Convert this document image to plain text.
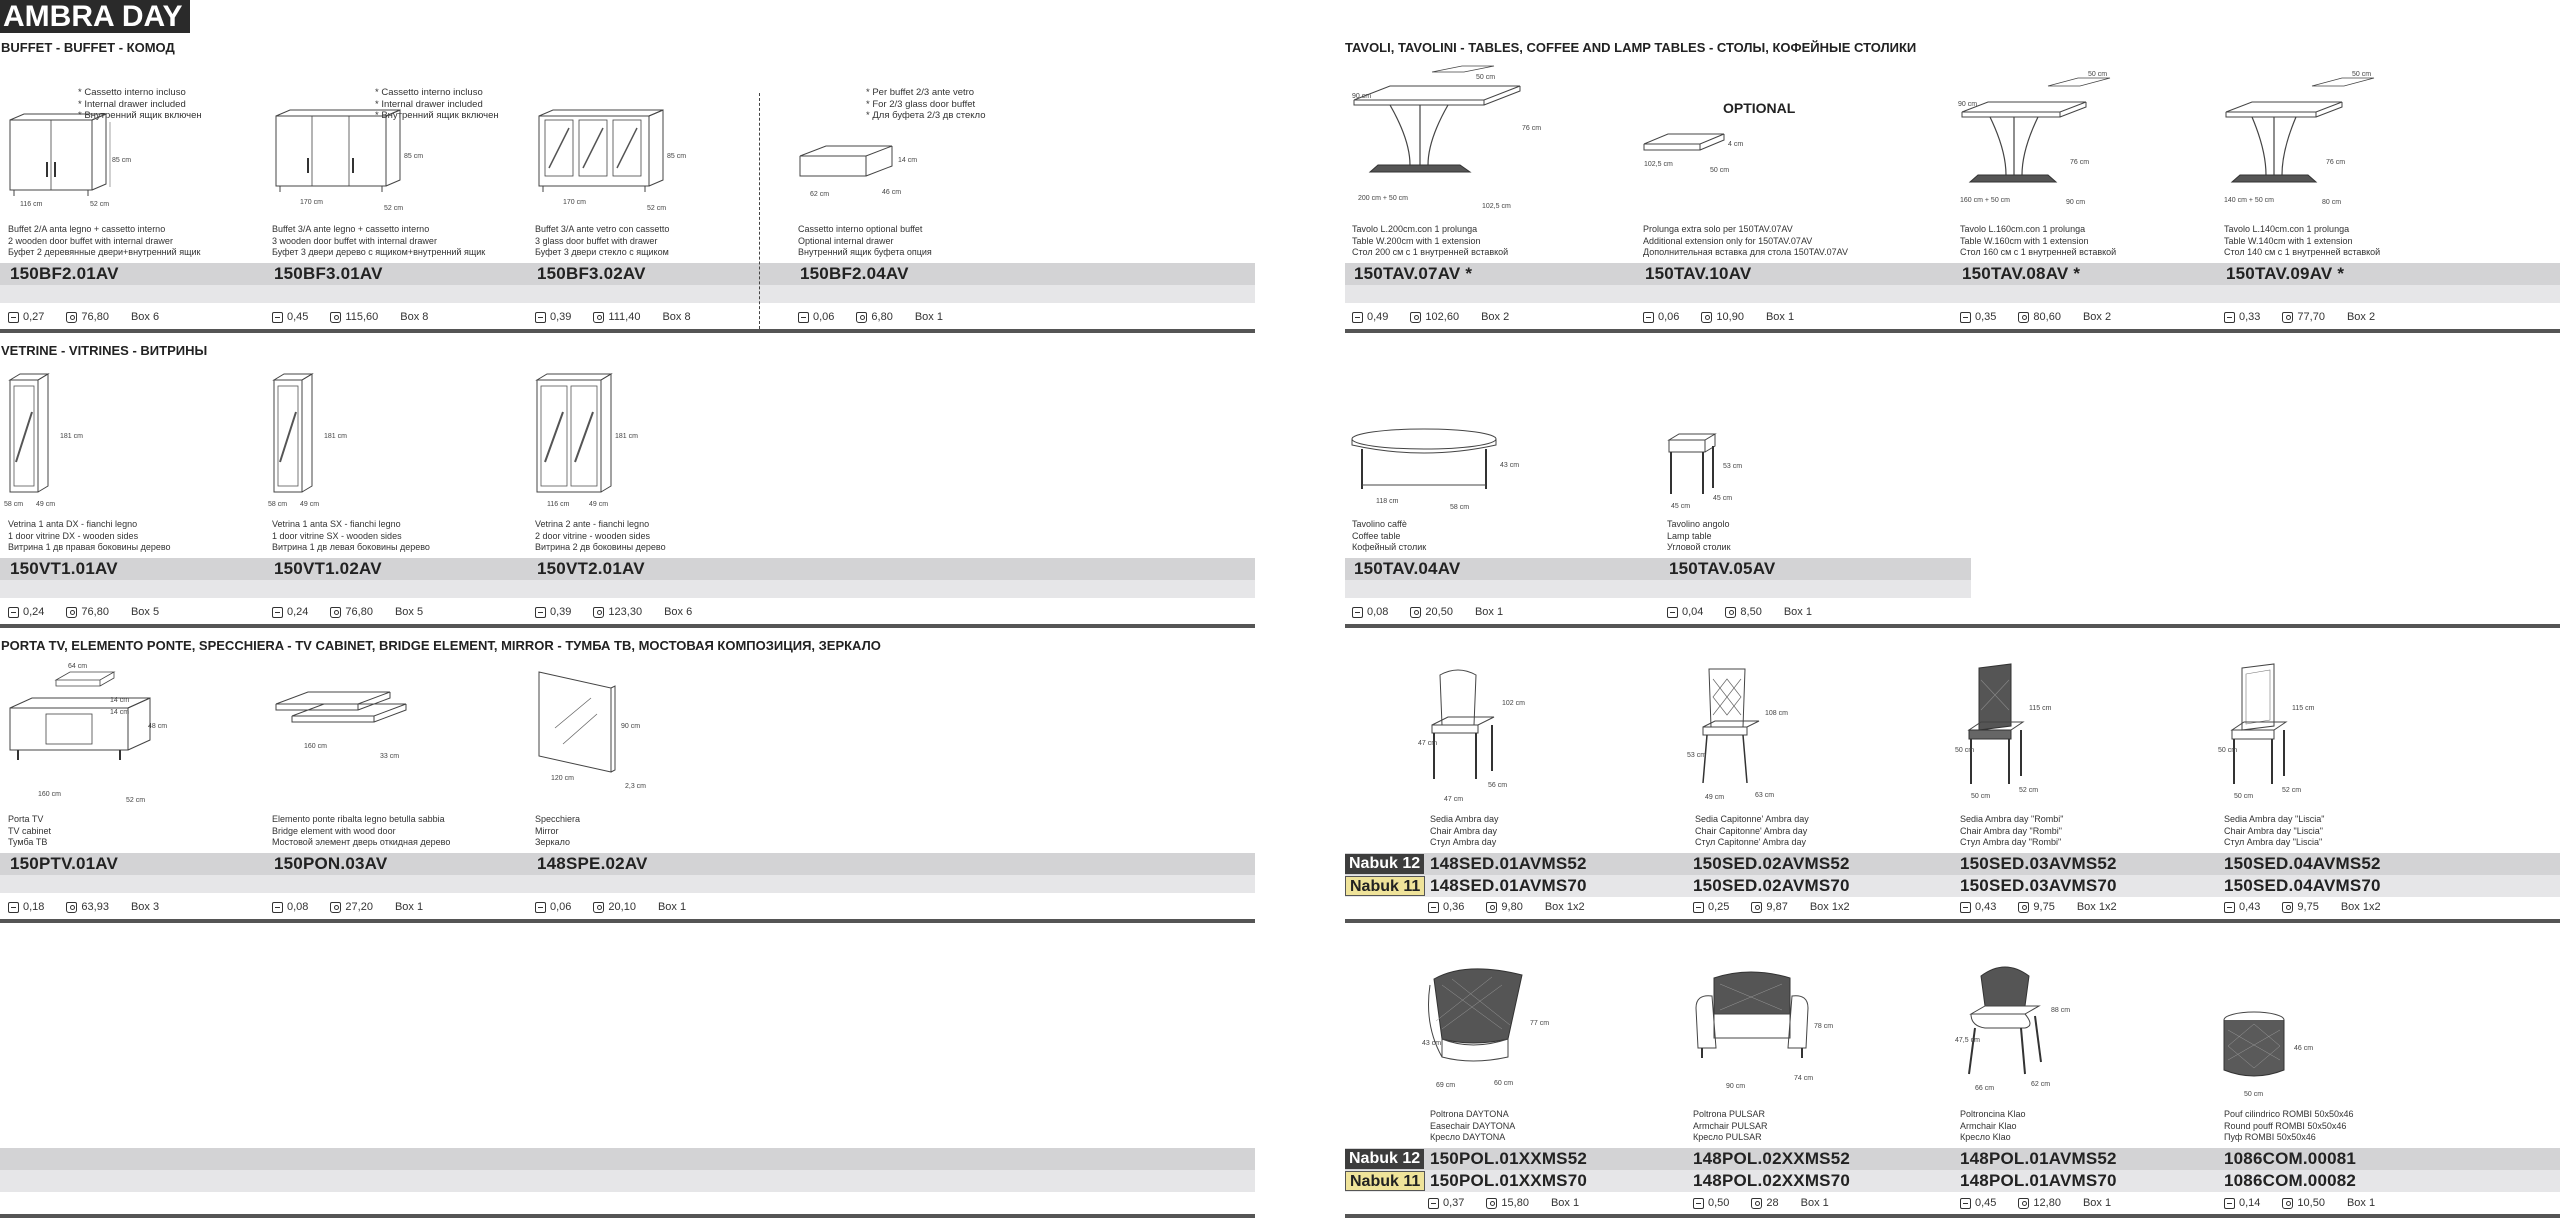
AMBRA DAY
BUFFET - BUFFET - КОМОД	TAVOLI, TAVOLINI - TABLES, COFFEE AND LAMP TABLES - СТОЛЫ, КОФЕЙНЫЕ СТОЛИКИ
VETRINE - VITRINES - ВИТРИНЫ
PORTA TV, ELEMENTO PONTE, SPECCHIERA - TV CABINET, BRIDGE ELEMENT, MIRROR - ТУМБА ТВ, МОСТОВАЯ КОМПОЗИЦИЯ, ЗЕРКАЛО
* Cassetto interno incluso
* Internal drawer included
* Внутренний ящик включен
85 cm
116 cm	52 cm
Buffet 2/A anta legno + cassetto interno
2 wooden door buffet with internal drawer
Буфет 2 деревянные двери+внутренний ящик
150BF2.01AV
0,27	76,80 Box 6
* Cassetto interno incluso
* Internal drawer included
* Внутренний ящик включен
85 cm
170 cm
52 cm
Buffet 3/A ante legno + cassetto interno
3 wooden door buffet with internal drawer
Буфет 3 двери дерево с ящиком+внутренний ящик
150BF3.01AV
0,45	115,60 Box 8
85 cm
170 cm
52 cm
Buffet 3/A ante vetro con cassetto
3 glass door buffet with drawer
Буфет 3 двери стекло с ящиком
150BF3.02AV
0,39	111,40 Box 8
* Per buffet 2/3 ante vetro
* For 2/3 glass door buffet
* Для буфета 2/3 дв стекло
14 cm
62 cm	46 cm
Cassetto interno optional buffet
Optional internal drawer
Внутренний ящик буфета опция
150BF2.04AV
0,06	6,80 Box 1
50 cm
90 cm
76 cm
200 cm + 50 cm
102,5 cm
Tavolo L.200cm.con 1 prolunga
Table W.200cm with 1 extension
Стол 200 см с 1 внутренней вставкой
150TAV.07AV *
0,49	102,60 Box 2
OPTIONAL
4 cm
102,5 cm
50 cm
Prolunga extra solo per 150TAV.07AV
Additional extension only for 150TAV.07AV
Дополнительная вставка для стола 150TAV.07AV
150TAV.10AV
0,06	10,90 Box 1
50 cm
90 cm
76 cm
160 cm + 50 cm	90 cm
Tavolo L.160cm.con 1 prolunga
Table W.160cm with 1 extension
Стол 160 см с 1 внутренней вставкой
150TAV.08AV *
0,35	80,60 Box 2
50 cm
76 cm
140 cm + 50 cm	80 cm
Tavolo L.140cm.con 1 prolunga
Table W.140cm with 1 extension
Стол 140 см с 1 внутренней вставкой
150TAV.09AV *
0,33	77,70 Box 2
181 cm
58 cm 49 cm
Vetrina 1 anta DX - fianchi legno
1 door vitrine DX - wooden sides
Витрина 1 дв правая боковины дерево
150VT1.01AV
0,24	76,80 Box 5
181 cm
58 cm 49 cm
Vetrina 1 anta SX - fianchi legno
1 door vitrine SX - wooden sides
Витрина 1 дв левая боковины дерево
150VT1.02AV
0,24	76,80 Box 5
181 cm
116 cm	49 cm
Vetrina 2 ante - fianchi legno
2 door vitrine - wooden sides
Витрина 2 дв боковины дерево
150VT2.01AV
0,39	123,30 Box 6
43 cm
118 cm
58 cm
Tavolino caffè
Coffee table
Кофейный столик
150TAV.04AV
0,08	20,50 Box 1
53 cm
45 cm
45 cm
Tavolino angolo
Lamp table
Угловой столик
150TAV.05AV
0,04	8,50 Box 1
64 cm
14 cm
14 cm
48 cm
160 cm
52 cm
Porta TV
TV cabinet
Тумба ТВ
150PTV.01AV
0,18	63,93 Box 3
160 cm
33 cm
Elemento ponte ribalta legno betulla sabbia
Bridge element with wood door
Мостовой элемент дверь откидная дерево
150PON.03AV
0,08	27,20 Box 1
90 cm
120 cm
2,3 cm
Specchiera
Mirror
Зеркало
148SPE.02AV
0,06	20,10 Box 1
Nabuk 12
Nabuk 11
47 cm
102 cm
47 cm
56 cm
Sedia Ambra day
Chair Ambra day
Стул Ambra day
148SED.01AVMS52
148SED.01AVMS70
0,36	9,80 Box 1x2
53 cm
108 cm
49 cm	63 cm
Sedia Capitonne' Ambra day
Chair Capitonne' Ambra day
Стул Capitonne' Ambra day
150SED.02AVMS52
150SED.02AVMS70
0,25	9,87 Box 1x2
50 cm
115 cm
50 cm
52 cm
Sedia Ambra day "Rombi"
Chair Ambra day "Rombi"
Стул Ambra day "Rombi"
150SED.03AVMS52
150SED.03AVMS70
0,43	9,75 Box 1x2
50 cm
115 cm
50 cm
52 cm
Sedia Ambra day "Liscia"
Chair Ambra day "Liscia"
Стул Ambra day "Liscia"
150SED.04AVMS52
150SED.04AVMS70
0,43	9,75 Box 1x2
Nabuk 12
Nabuk 11
43 cm
77 cm
69 cm	60 cm
Poltrona DAYTONA
Easechair DAYTONA
Кресло DAYTONA
150POL.01XXMS52
150POL.01XXMS70
0,37	15,80 Box 1
78 cm
90 cm
74 cm
Poltrona PULSAR
Armchair PULSAR
Кресло PULSAR
148POL.02XXMS52
148POL.02XXMS70
0,50	28 Box 1
47,5 cm
88 cm
66 cm
62 cm
Poltroncina Klao
Armchair Klao
Кресло Klao
148POL.01AVMS52
148POL.01AVMS70
0,45	12,80 Box 1
46 cm
50 cm
Pouf cilindrico ROMBI 50x50x46
Round pouff ROMBI 50x50x46
Пуф ROMBI 50x50x46
1086COM.00081
1086COM.00082
0,14	10,50 Box 1
